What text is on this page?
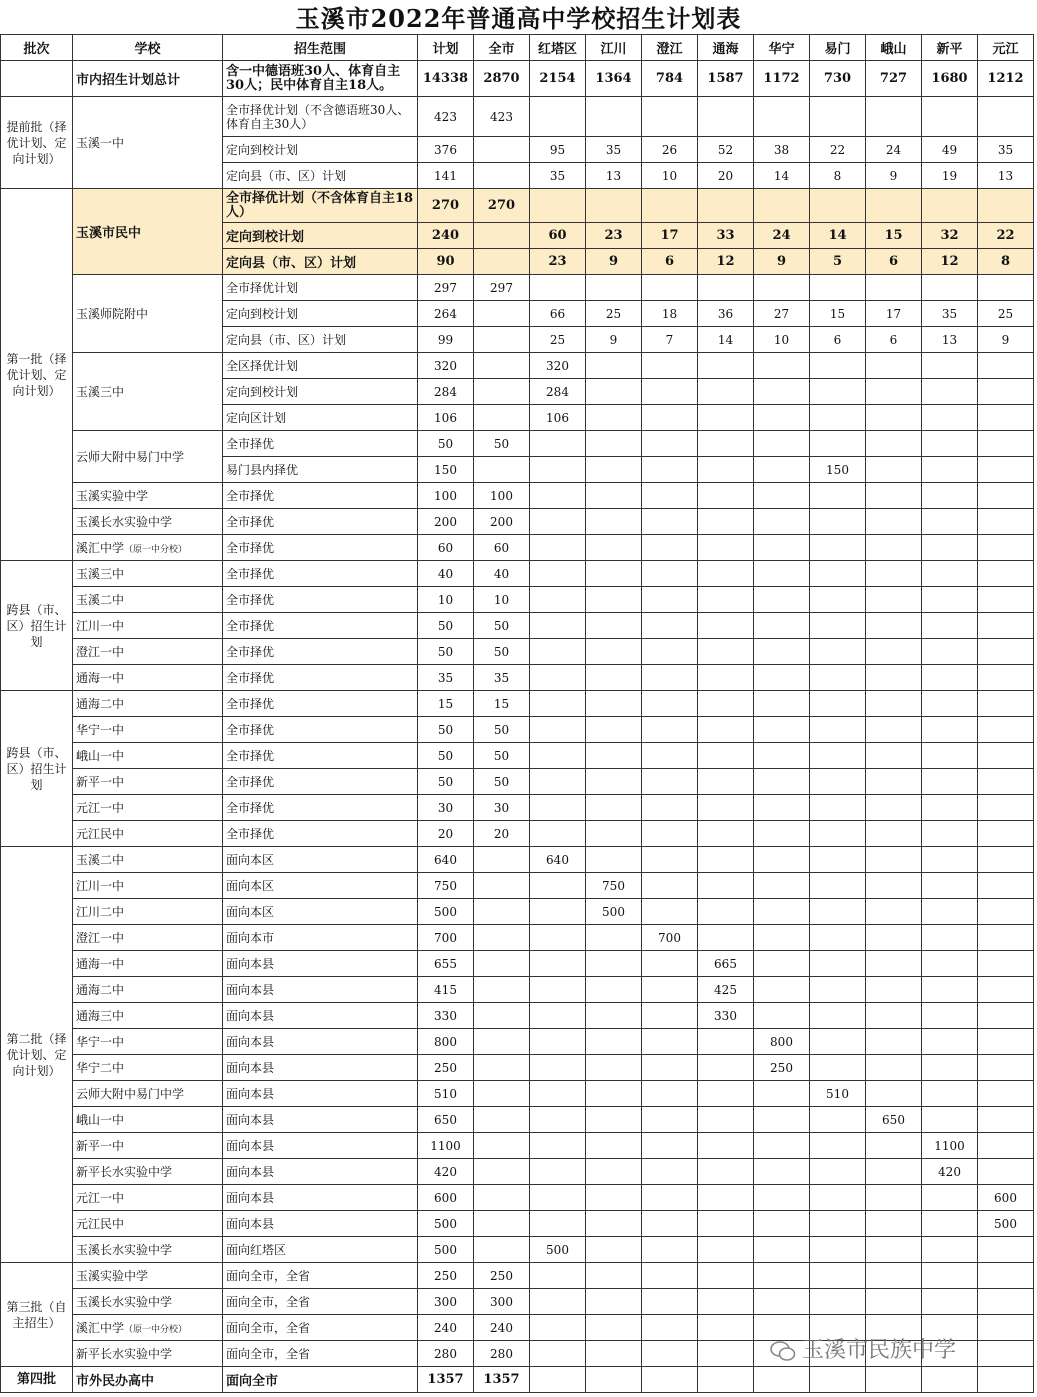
玉溪市2022年普通高中学校招生计划表
批次	学校	招生范围	计划	全市	红塔区	江川	澄江	通海	华宁	易门	峨山	新平	元江
	市内招生计划总计	含一中德语班30人、体育自主30人；民中体育自主18人。	14338	2870	2154	1364	784	1587	1172	730	727	1680	1212
提前批（择优计划、定向计划）	玉溪一中	全市择优计划（不含德语班30人、体育自主30人）	423	423									
		定向到校计划	376		95	35	26	52	38	22	24	49	35
		定向县（市、区）计划	141		35	13	10	20	14	8	9	19	13
第一批（择优计划、定向计划）	玉溪市民中	全市择优计划（不含体育自主18人）	270	270									
		定向到校计划	240		60	23	17	33	24	14	15	32	22
		定向县（市、区）计划	90		23	9	6	12	9	5	6	12	8
	玉溪师院附中	全市择优计划	297	297									
		定向到校计划	264		66	25	18	36	27	15	17	35	25
		定向县（市、区）计划	99		25	9	7	14	10	6	6	13	9
	玉溪三中	全区择优计划	320		320								
		定向到校计划	284		284								
		定向区计划	106		106								
	云师大附中易门中学	全市择优	50	50									
		易门县内择优	150							150			
	玉溪实验中学	全市择优	100	100									
	玉溪长水实验中学	全市择优	200	200									
	溪汇中学（原一中分校）	全市择优	60	60									
跨县（市、区）招生计划	玉溪三中	全市择优	40	40									
	玉溪二中	全市择优	10	10									
	江川一中	全市择优	50	50									
	澄江一中	全市择优	50	50									
	通海一中	全市择优	35	35									
跨县（市、区）招生计划	通海二中	全市择优	15	15									
	华宁一中	全市择优	50	50									
	峨山一中	全市择优	50	50									
	新平一中	全市择优	50	50									
	元江一中	全市择优	30	30									
	元江民中	全市择优	20	20									
第二批（择优计划、定向计划）	玉溪二中	面向本区	640		640								
	江川一中	面向本区	750			750							
	江川二中	面向本区	500			500							
	澄江一中	面向本市	700				700						
	通海一中	面向本县	655					665					
	通海二中	面向本县	415					425					
	通海三中	面向本县	330					330					
	华宁一中	面向本县	800						800				
	华宁二中	面向本县	250						250				
	云师大附中易门中学	面向本县	510							510			
	峨山一中	面向本县	650								650		
	新平一中	面向本县	1100									1100	
	新平长水实验中学	面向本县	420									420	
	元江一中	面向本县	600										600
	元江民中	面向本县	500										500
	玉溪长水实验中学	面向红塔区	500		500								
第三批（自主招生）	玉溪实验中学	面向全市，全省	250	250									
	玉溪长水实验中学	面向全市，全省	300	300									
	溪汇中学（原一中分校）	面向全市，全省	240	240									
	新平长水实验中学	面向全市，全省	280	280									
第四批	市外民办高中	面向全市	1357	1357									
玉溪市民族中学
